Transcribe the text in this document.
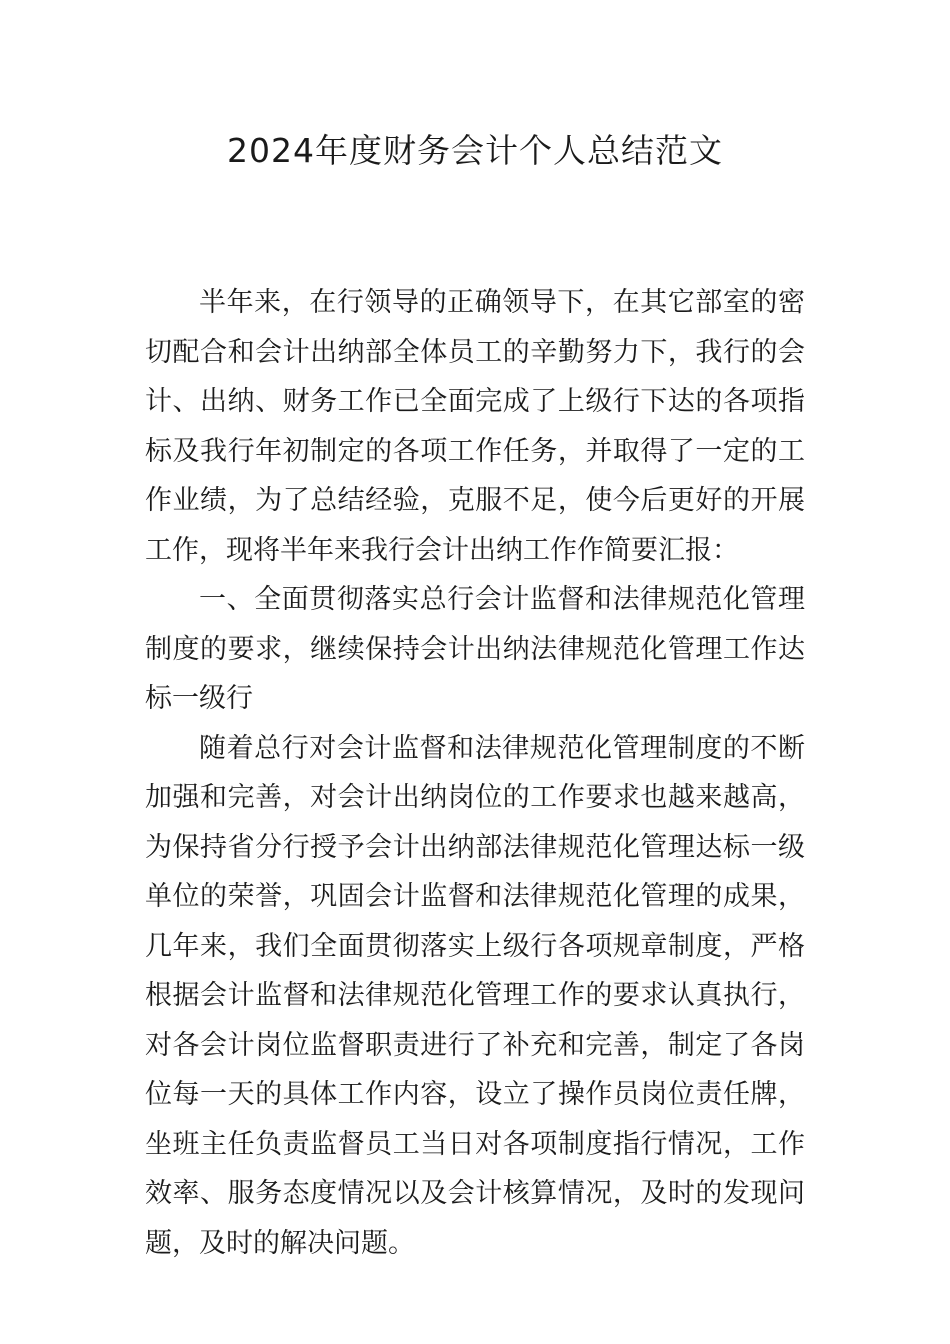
2024年度财务会计个人总结范文

半年来，在行领导的正确领导下，在其它部室的密切配合和会计出纳部全体员工的辛勤努力下，我行的会计、出纳、财务工作已全面完成了上级行下达的各项指标及我行年初制定的各项工作任务，并取得了一定的工作业绩，为了总结经验，克服不足，使今后更好的开展工作，现将半年来我行会计出纳工作作简要汇报：

一、全面贯彻落实总行会计监督和法律规范化管理制度的要求，继续保持会计出纳法律规范化管理工作达标一级行

随着总行对会计监督和法律规范化管理制度的不断加强和完善，对会计出纳岗位的工作要求也越来越高，为保持省分行授予会计出纳部法律规范化管理达标一级单位的荣誉，巩固会计监督和法律规范化管理的成果，几年来，我们全面贯彻落实上级行各项规章制度，严格根据会计监督和法律规范化管理工作的要求认真执行，对各会计岗位监督职责进行了补充和完善，制定了各岗位每一天的具体工作内容，设立了操作员岗位责任牌，坐班主任负责监督员工当日对各项制度指行情况，工作效率、服务态度情况以及会计核算情况，及时的发现问题，及时的解决问题。
